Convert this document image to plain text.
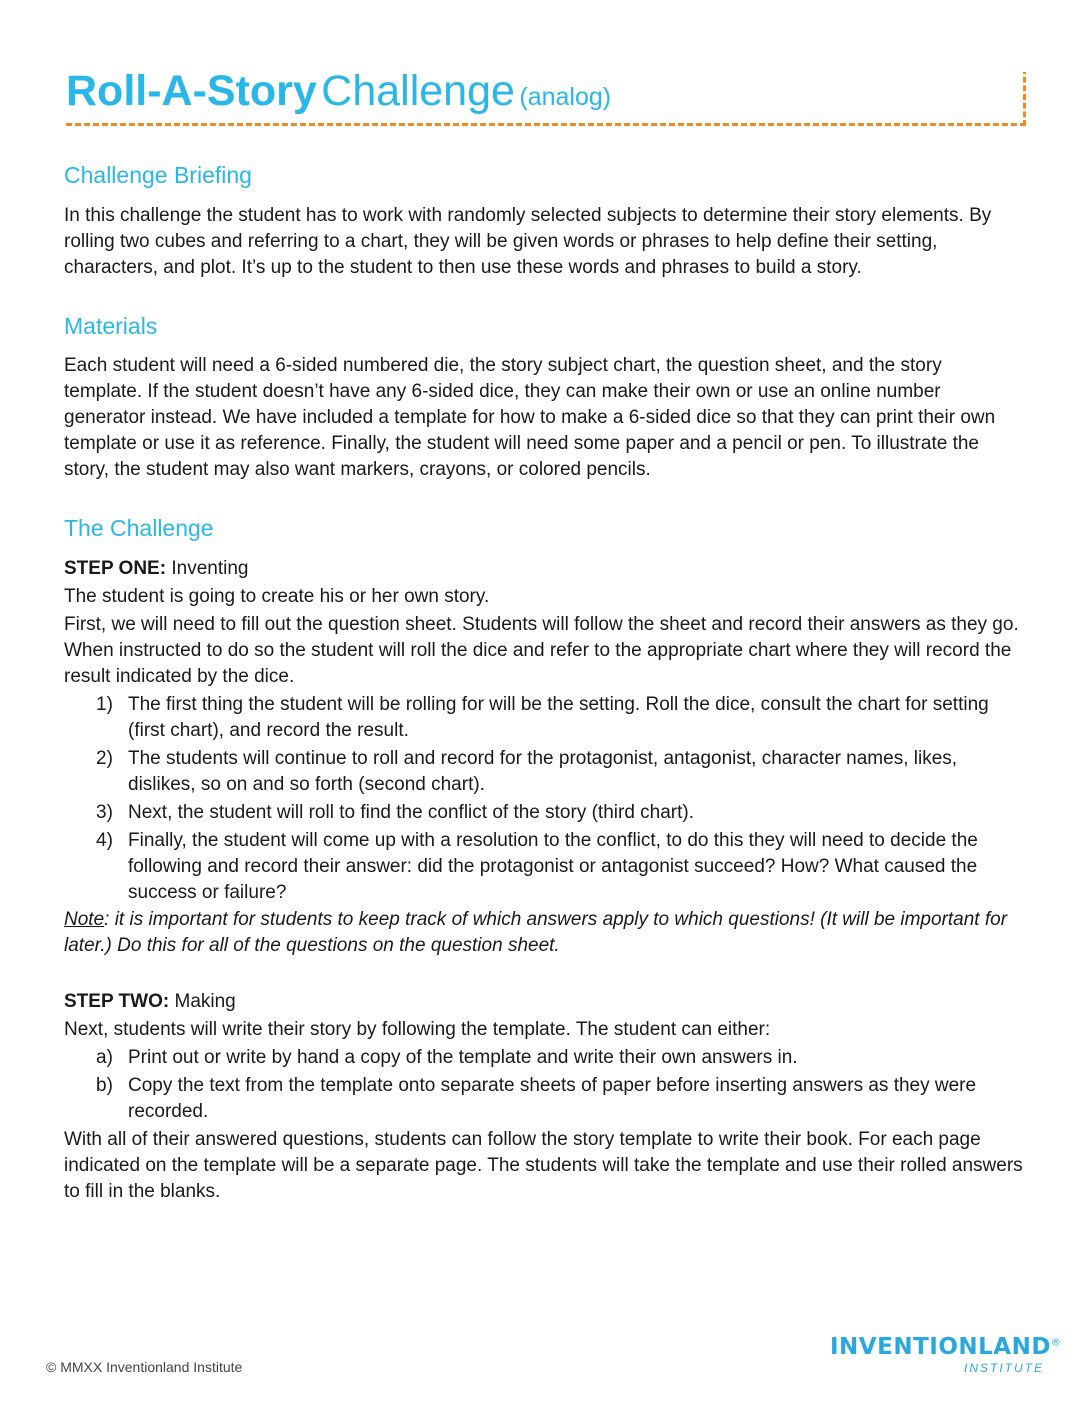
Roll-A-Story Challenge (analog)
Challenge Briefing

In this challenge the student has to work with randomly selected subjects to determine their story elements. By rolling two cubes and referring to a chart, they will be given words or phrases to help define their setting, characters, and plot. It’s up to the student to then use these words and phrases to build a story.

Materials

Each student will need a 6-sided numbered die, the story subject chart, the question sheet, and the story template. If the student doesn’t have any 6-sided dice, they can make their own or use an online number generator instead. We have included a template for how to make a 6-sided dice so that they can print their own template or use it as reference. Finally, the student will need some paper and a pencil or pen. To illustrate the story, the student may also want markers, crayons, or colored pencils.

The Challenge

STEP ONE: Inventing

The student is going to create his or her own story.

First, we will need to fill out the question sheet. Students will follow the sheet and record their answers as they go. When instructed to do so the student will roll the dice and refer to the appropriate chart where they will record the result indicated by the dice.

1) The first thing the student will be rolling for will be the setting. Roll the dice, consult the chart for setting (first chart), and record the result.
2) The students will continue to roll and record for the protagonist, antagonist, character names, likes, dislikes, so on and so forth (second chart).
3) Next, the student will roll to find the conflict of the story (third chart).
4) Finally, the student will come up with a resolution to the conflict, to do this they will need to decide the following and record their answer: did the protagonist or antagonist succeed? How? What caused the success or failure?

Note: it is important for students to keep track of which answers apply to which questions! (It will be important for later.) Do this for all of the questions on the question sheet.

STEP TWO: Making

Next, students will write their story by following the template. The student can either:

a) Print out or write by hand a copy of the template and write their own answers in.
b) Copy the text from the template onto separate sheets of paper before inserting answers as they were recorded.

With all of their answered questions, students can follow the story template to write their book. For each page indicated on the template will be a separate page. The students will take the template and use their rolled answers to fill in the blanks.

© MMXX Inventionland Institute
INVENTIONLAND®
INSTITUTE
